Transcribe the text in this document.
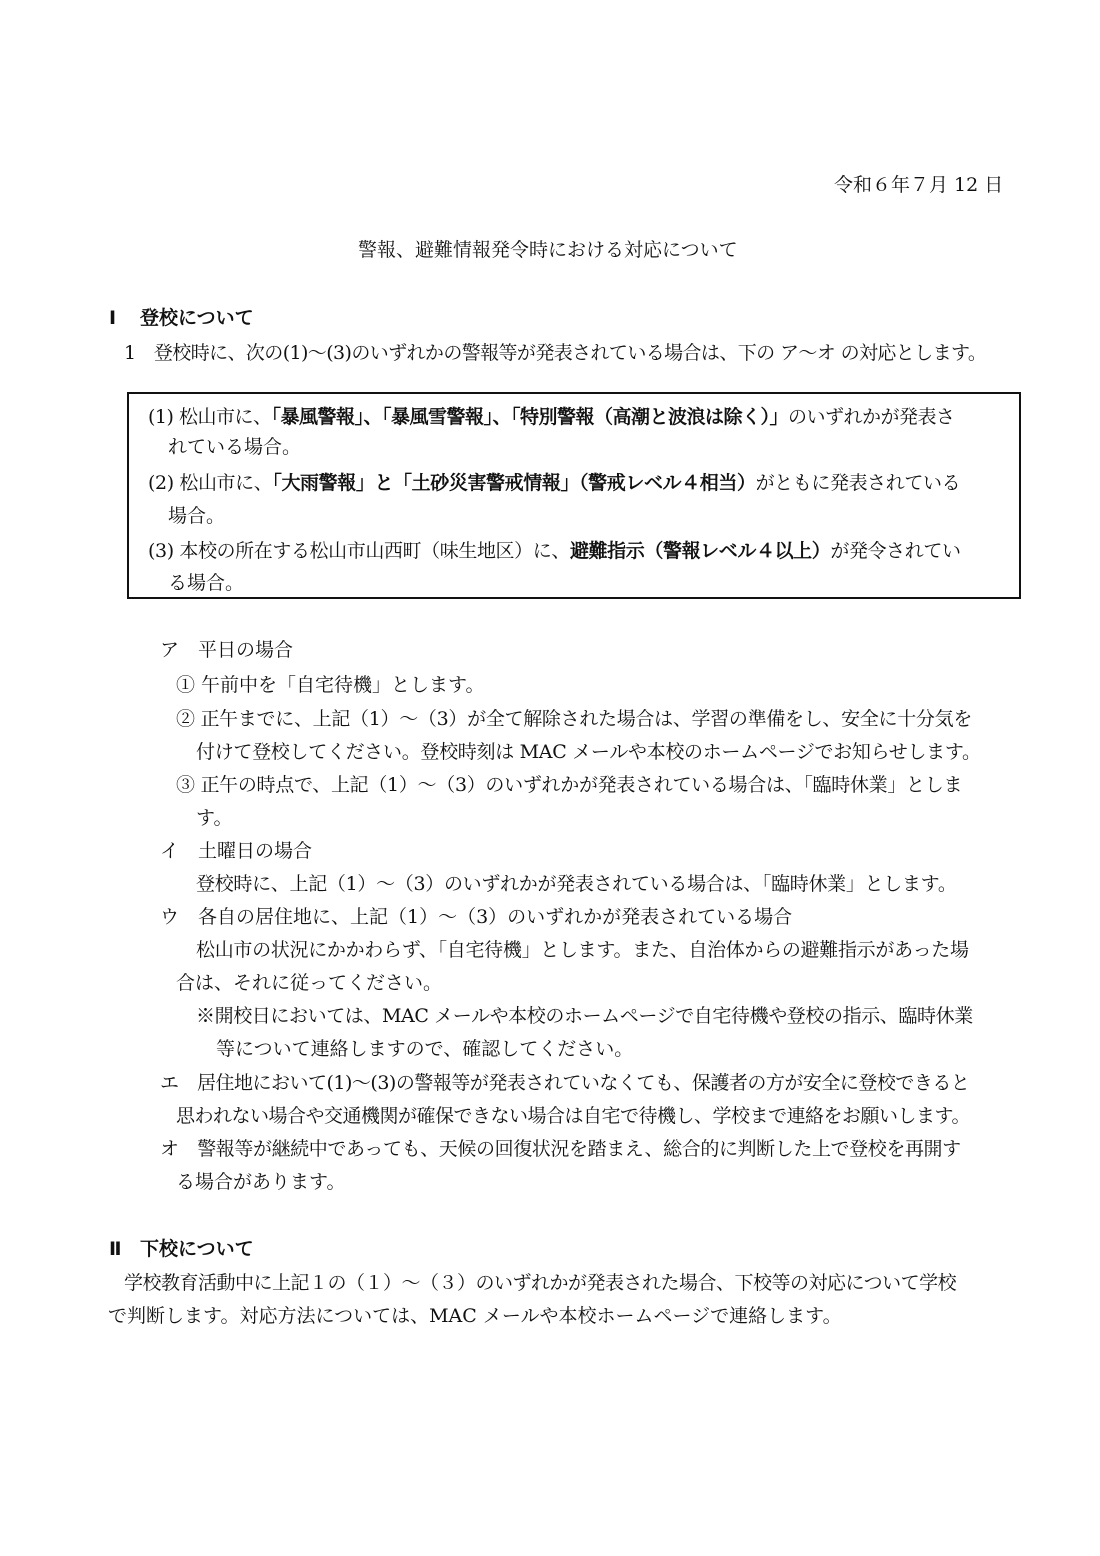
令和６年７月 12 日
警報、避難情報発令時における対応について
Ⅰ 登校について
1　登校時に、次の(1)～(3)のいずれかの警報等が発表されている場合は、下の ア～オ の対応とします。
(1) 松山市に、「暴風警報」、「暴風雪警報」、「特別警報（高潮と波浪は除く）」のいずれかが発表さ
れている場合。
(2) 松山市に、「大雨警報」と「土砂災害警戒情報」（警戒レベル４相当）がともに発表されている
場合。
(3) 本校の所在する松山市山西町（味生地区）に、避難指示（警報レベル４以上）が発令されてい
る場合。
ア　平日の場合
① 午前中を「自宅待機」とします。
② 正午までに、上記（1）～（3）が全て解除された場合は、学習の準備をし、安全に十分気を
付けて登校してください。登校時刻は MAC メールや本校のホームページでお知らせします。
③ 正午の時点で、上記（1）～（3）のいずれかが発表されている場合は、「臨時休業」としま
す。
イ　土曜日の場合
登校時に、上記（1）～（3）のいずれかが発表されている場合は、「臨時休業」とします。
ウ　各自の居住地に、上記（1）～（3）のいずれかが発表されている場合
松山市の状況にかかわらず、「自宅待機」とします。また、自治体からの避難指示があった場
合は、それに従ってください。
※開校日においては、MAC メールや本校のホームページで自宅待機や登校の指示、臨時休業
等について連絡しますので、確認してください。
エ　居住地において(1)～(3)の警報等が発表されていなくても、保護者の方が安全に登校できると
思われない場合や交通機関が確保できない場合は自宅で待機し、学校まで連絡をお願いします。
オ　警報等が継続中であっても、天候の回復状況を踏まえ、総合的に判断した上で登校を再開す
る場合があります。
Ⅱ 下校について
学校教育活動中に上記１の（１）～（３）のいずれかが発表された場合、下校等の対応について学校
で判断します。対応方法については、MAC メールや本校ホームページで連絡します。
